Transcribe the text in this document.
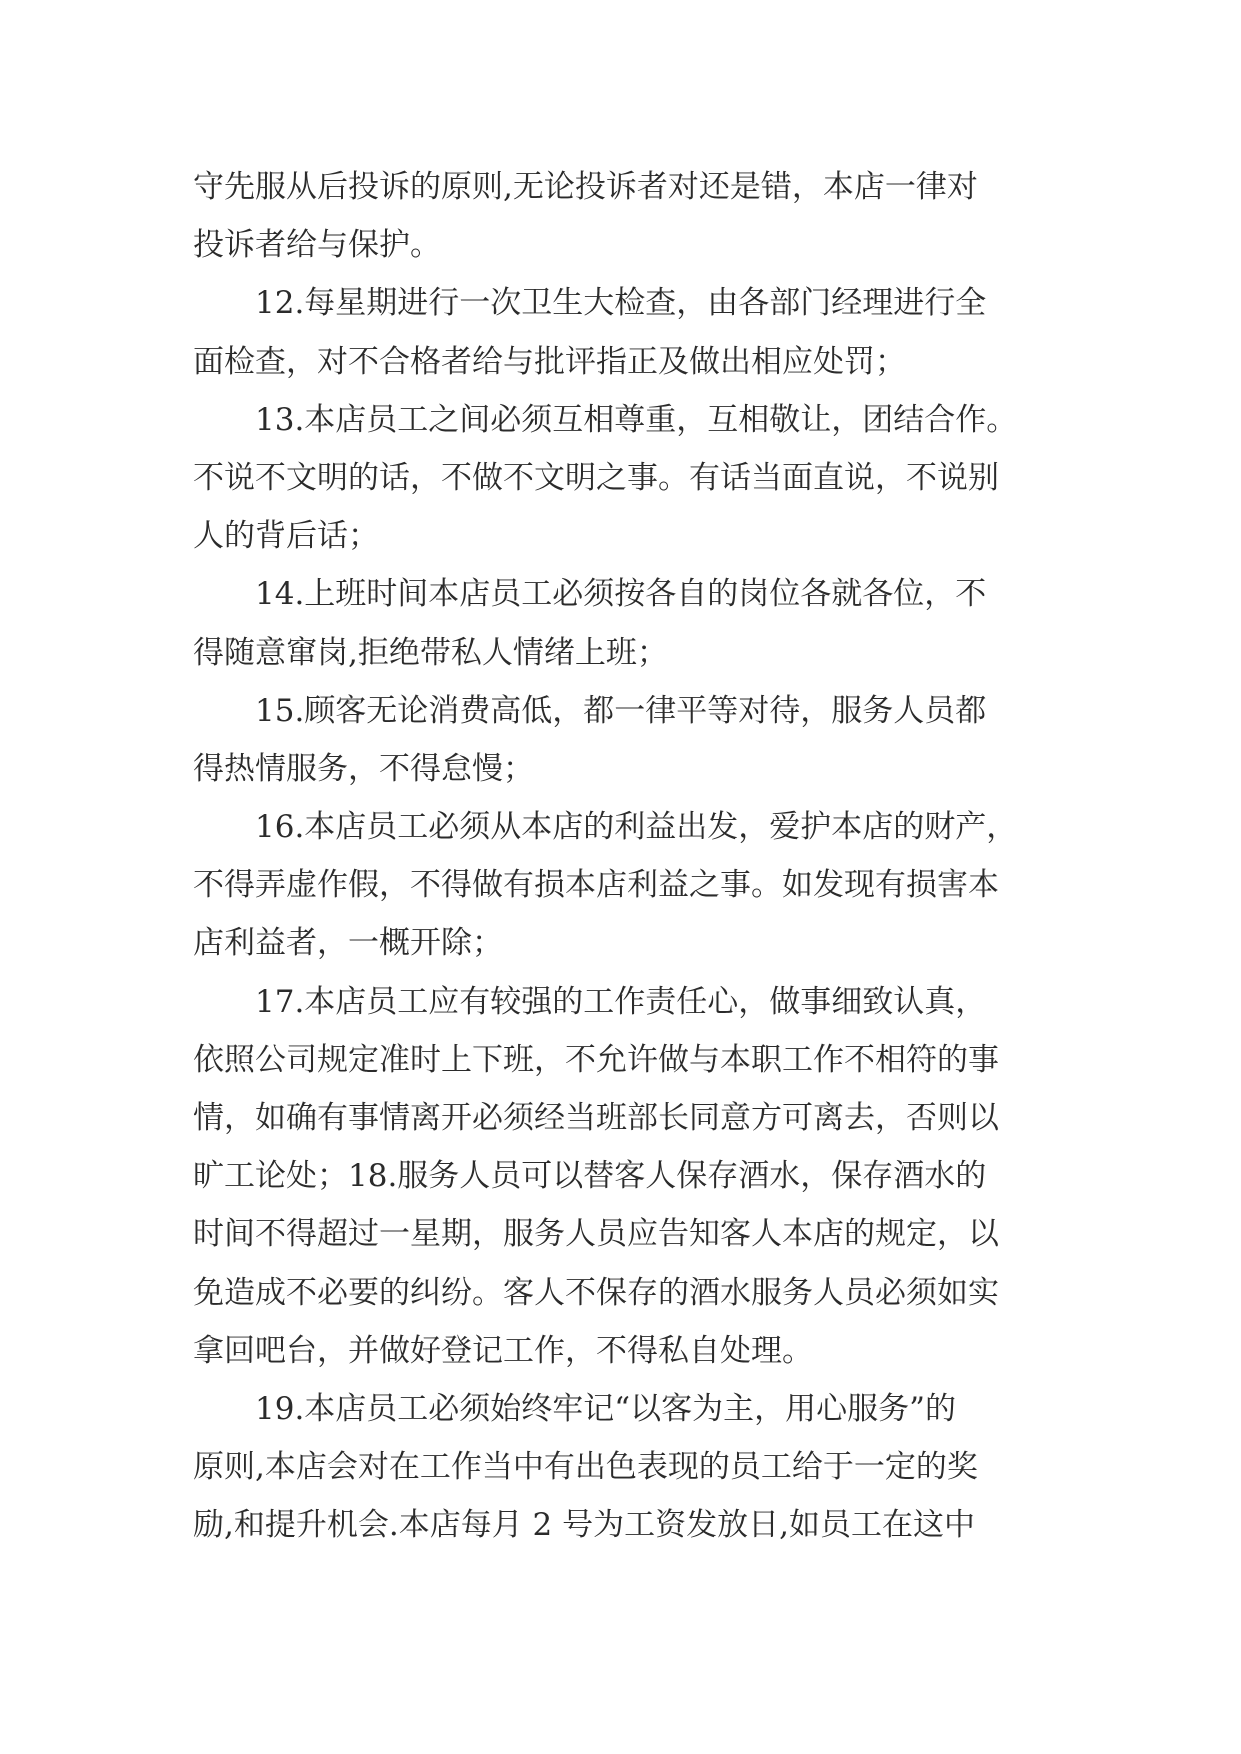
守先服从后投诉的原则,无论投诉者对还是错，本店一律对
投诉者给与保护。
12.每星期进行一次卫生大检查，由各部门经理进行全
面检查，对不合格者给与批评指正及做出相应处罚；
13.本店员工之间必须互相尊重，互相敬让，团结合作。
不说不文明的话，不做不文明之事。有话当面直说，不说别
人的背后话；
14.上班时间本店员工必须按各自的岗位各就各位，不
得随意窜岗,拒绝带私人情绪上班；
15.顾客无论消费高低，都一律平等对待，服务人员都
得热情服务，不得怠慢；
16.本店员工必须从本店的利益出发，爱护本店的财产，
不得弄虚作假，不得做有损本店利益之事。如发现有损害本
店利益者，一概开除；
17.本店员工应有较强的工作责任心，做事细致认真，
依照公司规定准时上下班，不允许做与本职工作不相符的事
情，如确有事情离开必须经当班部长同意方可离去，否则以
旷工论处；18.服务人员可以替客人保存酒水，保存酒水的
时间不得超过一星期，服务人员应告知客人本店的规定，以
免造成不必要的纠纷。客人不保存的酒水服务人员必须如实
拿回吧台，并做好登记工作，不得私自处理。
19.本店员工必须始终牢记“以客为主，用心服务”的
原则,本店会对在工作当中有出色表现的员工给于一定的奖
励,和提升机会.本店每月 2 号为工资发放日,如员工在这中
